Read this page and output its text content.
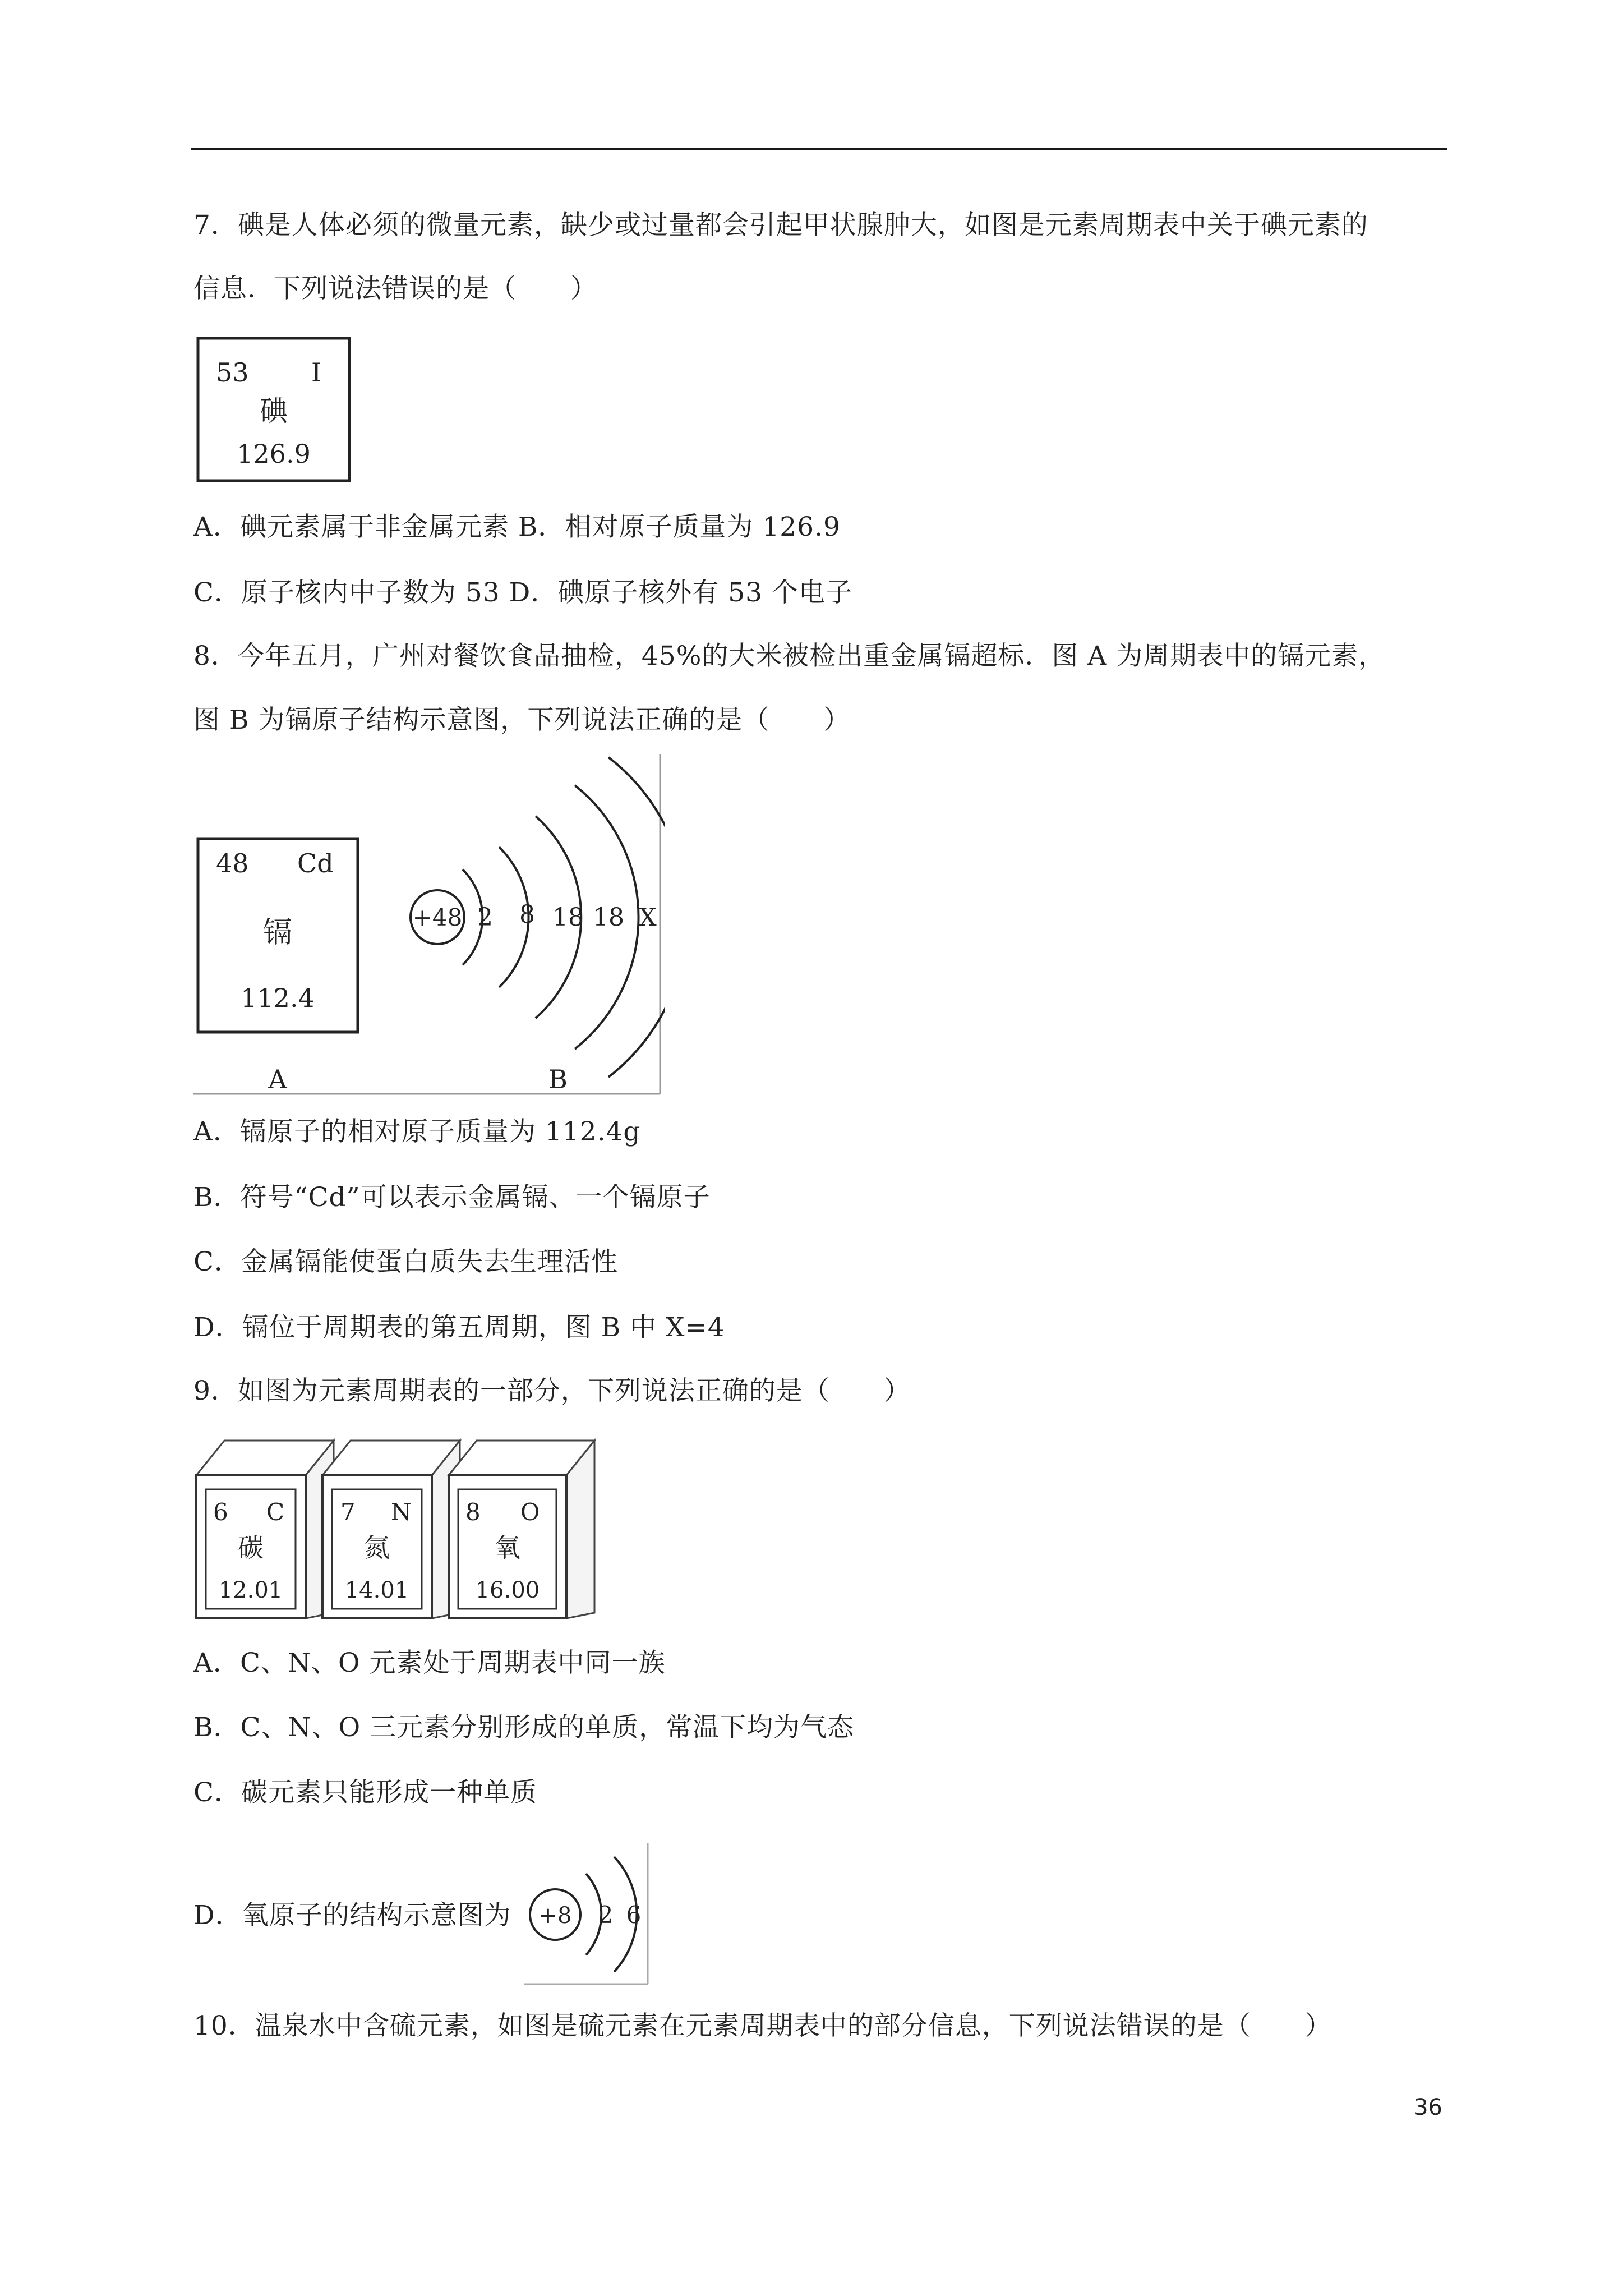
7．碘是人体必须的微量元素，缺少或过量都会引起甲状腺肿大，如图是元素周期表中关于碘元素的
信息．下列说法错误的是（　　）
53 I
碘
126.9
A．碘元素属于非金属元素 B．相对原子质量为 126.9
C．原子核内中子数为 53 D．碘原子核外有 53 个电子
8．今年五月，广州对餐饮食品抽检，45%的大米被检出重金属镉超标．图 A 为周期表中的镉元素，
图 B 为镉原子结构示意图，下列说法正确的是（　　）
48 Cd
镉
112.4
A	B
+48 2 8 18 18 X
A．镉原子的相对原子质量为 112.4g
B．符号“Cd”可以表示金属镉、一个镉原子
C．金属镉能使蛋白质失去生理活性
D．镉位于周期表的第五周期，图 B 中 X=4
9．如图为元素周期表的一部分，下列说法正确的是（　　）
6 C
碳
12.01
7 N
氮
14.01
8 O
氧
16.00
A．C、N、O 元素处于周期表中同一族
B．C、N、O 三元素分别形成的单质，常温下均为气态
C．碳元素只能形成一种单质
D．氧原子的结构示意图为 +8 2 6
10．温泉水中含硫元素，如图是硫元素在元素周期表中的部分信息，下列说法错误的是（　　）
36
